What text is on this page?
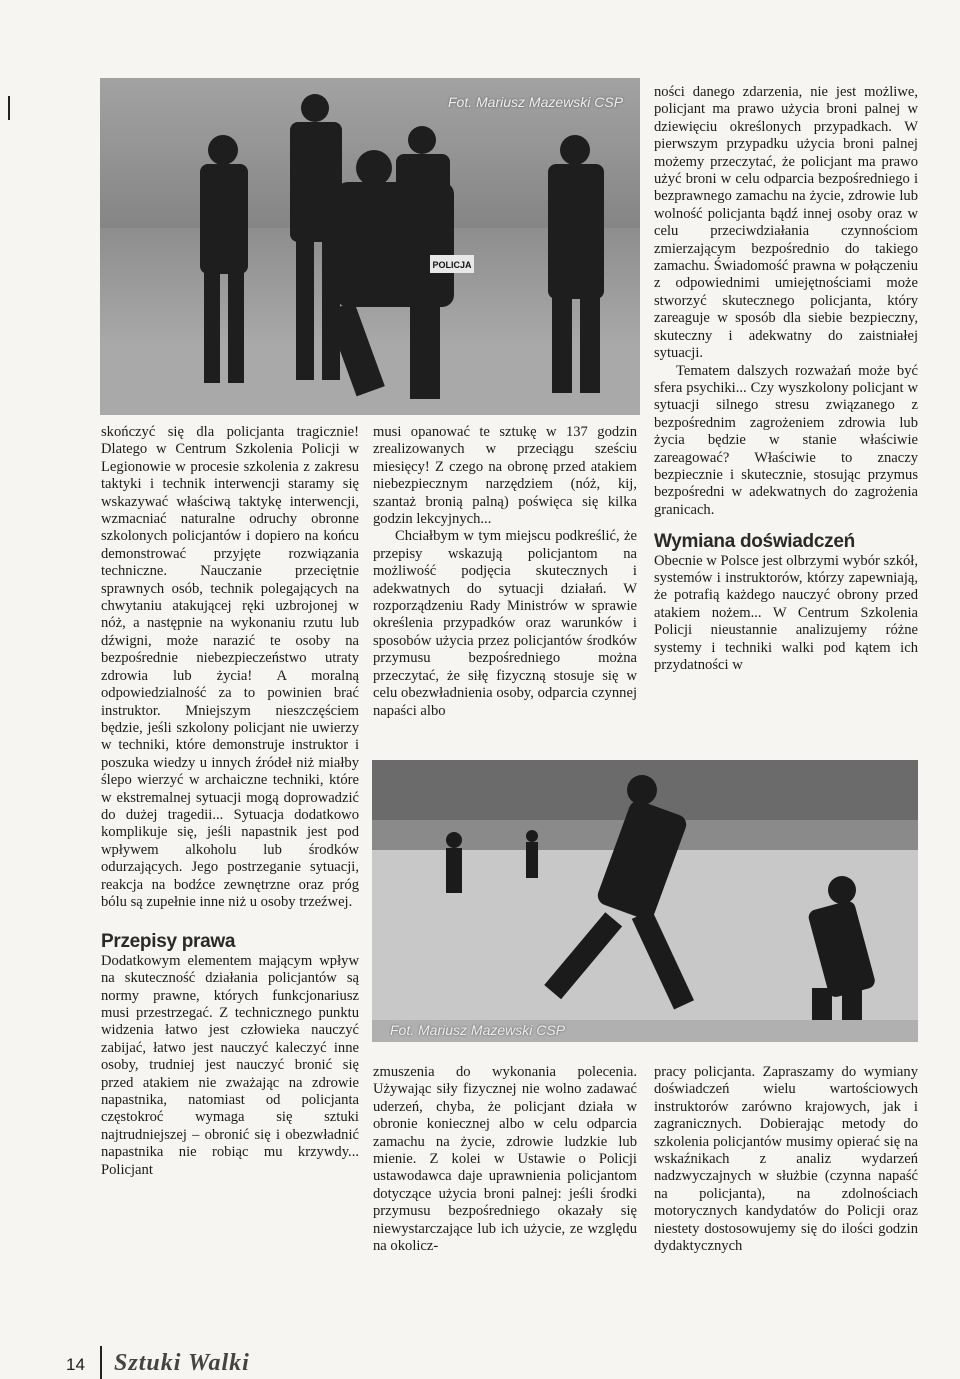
POLICJA
Fot. Mariusz Mazewski CSP
Fot. Mariusz Mazewski CSP

ności danego zdarzenia, nie jest możliwe, policjant ma prawo użycia broni palnej w dziewięciu określonych przypadkach. W pierwszym przypadku użycia broni palnej możemy przeczytać, że policjant ma prawo użyć broni w celu odparcia bezpośredniego i bezprawnego zamachu na życie, zdrowie lub wolność policjanta bądź innej osoby oraz w celu przeciwdziałania czynnościom zmierzającym bezpośrednio do takiego zamachu. Świadomość prawna w połączeniu z odpowiednimi umiejętnościami może stworzyć skutecznego policjanta, który zareaguje w sposób dla siebie bezpieczny, skuteczny i adekwatny do zaistniałej sytuacji.

Tematem dalszych rozważań może być sfera psychiki... Czy wyszkolony policjant w sytuacji silnego stresu związanego z bezpośrednim zagrożeniem zdrowia lub życia będzie w stanie właściwie zareagować? Właściwie to znaczy bezpiecznie i skutecznie, stosując przymus bezpośredni w adekwatnych do zagrożenia granicach.

Wymiana doświadczeń

Obecnie w Polsce jest olbrzymi wybór szkół, systemów i instruktorów, którzy zapewniają, że potrafią każdego nauczyć obrony przed atakiem nożem... W Centrum Szkolenia Policji nieustannie analizujemy różne systemy i techniki walki pod kątem ich przydatności w

skończyć się dla policjanta tragicznie! Dlatego w Centrum Szkolenia Policji w Legionowie w procesie szkolenia z zakresu taktyki i technik interwencji staramy się wskazywać właściwą taktykę interwencji, wzmacniać naturalne odruchy obronne szkolonych policjantów i dopiero na końcu demonstrować przyjęte rozwiązania techniczne. Nauczanie przeciętnie sprawnych osób, technik polegających na chwytaniu atakującej ręki uzbrojonej w nóż, a następnie na wykonaniu rzutu lub dźwigni, może narazić te osoby na bezpośrednie niebezpieczeństwo utraty zdrowia lub życia! A moralną odpowiedzialność za to powinien brać instruktor. Mniejszym nieszczęściem będzie, jeśli szkolony policjant nie uwierzy w techniki, które demonstruje instruktor i poszuka wiedzy u innych źródeł niż miałby ślepo wierzyć w archaiczne techniki, które w ekstremalnej sytuacji mogą doprowadzić do dużej tragedii... Sytuacja dodatkowo komplikuje się, jeśli napastnik jest pod wpływem alkoholu lub środków odurzających. Jego postrzeganie sytuacji, reakcja na bodźce zewnętrzne oraz próg bólu są zupełnie inne niż u osoby trzeźwej.

Przepisy prawa

Dodatkowym elementem mającym wpływ na skuteczność działania policjantów są normy prawne, których funkcjonariusz musi przestrzegać. Z technicznego punktu widzenia łatwo jest człowieka nauczyć zabijać, łatwo jest nauczyć kaleczyć inne osoby, trudniej jest nauczyć bronić się przed atakiem nie zważając na zdrowie napastnika, natomiast od policjanta częstokroć wymaga się sztuki najtrudniejszej – obronić się i obezwładnić napastnika nie robiąc mu krzywdy... Policjant

musi opanować te sztukę w 137 godzin zrealizowanych w przeciągu sześciu miesięcy! Z czego na obronę przed atakiem niebezpiecznym narzędziem (nóż, kij, szantaż bronią palną) poświęca się kilka godzin lekcyjnych...

Chciałbym w tym miejscu podkreślić, że przepisy wskazują policjantom na możliwość podjęcia skutecznych i adekwatnych do sytuacji działań. W rozporządzeniu Rady Ministrów w sprawie określenia przypadków oraz warunków i sposobów użycia przez policjantów środków przymusu bezpośredniego można przeczytać, że siłę fizyczną stosuje się w celu obezwładnienia osoby, odparcia czynnej napaści albo

zmuszenia do wykonania polecenia. Używając siły fizycznej nie wolno zadawać uderzeń, chyba, że policjant działa w obronie koniecznej albo w celu odparcia zamachu na życie, zdrowie ludzkie lub mienie. Z kolei w Ustawie o Policji ustawodawca daje uprawnienia policjantom dotyczące użycia broni palnej: jeśli środki przymusu bezpośredniego okazały się niewystarczające lub ich użycie, ze względu na okolicz-

pracy policjanta. Zapraszamy do wymiany doświadczeń wielu wartościowych instruktorów zarówno krajowych, jak i zagranicznych. Dobierając metody do szkolenia policjantów musimy opierać się na wskaźnikach z analiz wydarzeń nadzwyczajnych w służbie (czynna napaść na policjanta), na zdolnościach motorycznych kandydatów do Policji oraz niestety dostosowujemy się do ilości godzin dydaktycznych

14 Sztuki Walki
